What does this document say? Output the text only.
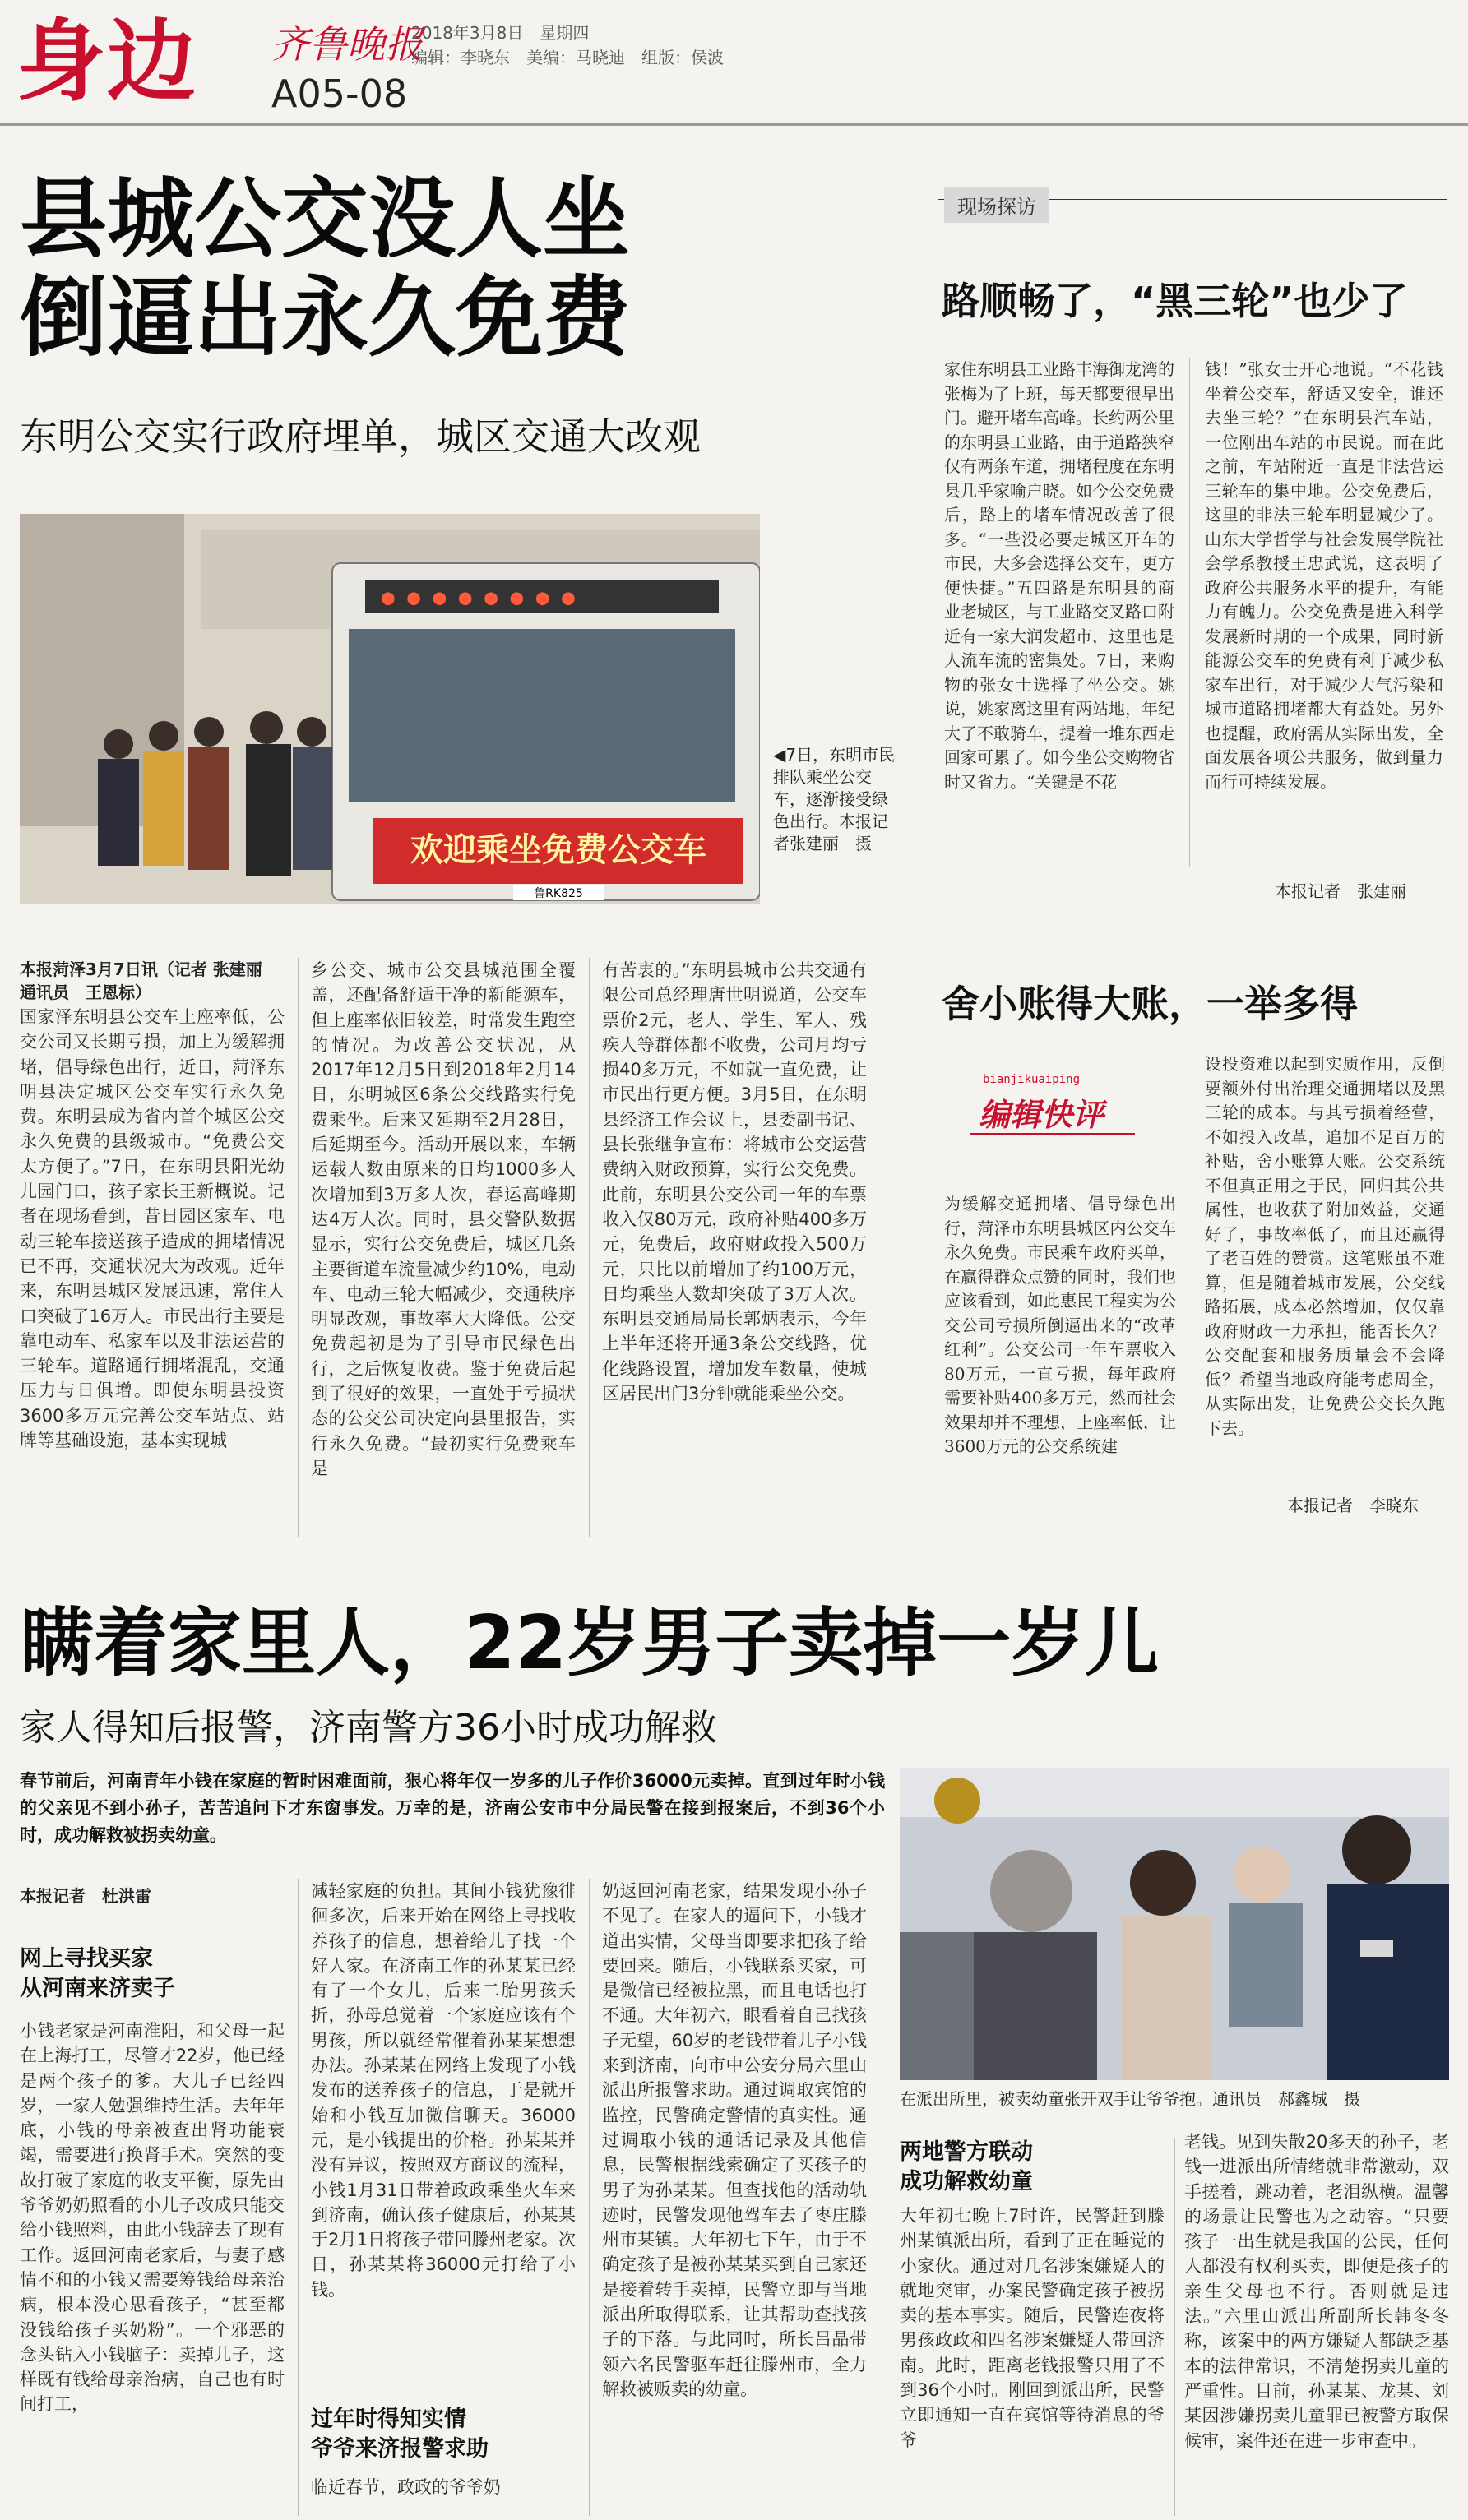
身边 齐鲁晚报
A05-08
2018年3月8日　星期四
编辑：李晓东　美编：马晓迪　组版：侯波
县城公交没人坐
倒逼出永久免费
东明公交实行政府埋单，城区交通大改观
● ● ● ● ● ● ● ●
欢迎乘坐免费公交车
鲁RK825
◀7日，东明市民排队乘坐公交车，逐渐接受绿色出行。本报记者张建丽　摄
本报菏泽3月7日讯（记者 张建丽　通讯员　王恩标）
国家泽东明县公交车上座率低，公交公司又长期亏损，加上为缓解拥堵，倡导绿色出行，近日，菏泽东明县决定城区公交车实行永久免费。东明县成为省内首个城区公交永久免费的县级城市。“免费公交太方便了。”7日，在东明县阳光幼儿园门口，孩子家长王新概说。记者在现场看到，昔日园区家车、电动三轮车接送孩子造成的拥堵情况已不再，交通状况大为改观。近年来，东明县城区发展迅速，常住人口突破了16万人。市民出行主要是靠电动车、私家车以及非法运营的三轮车。道路通行拥堵混乱，交通压力与日俱增。即使东明县投资3600多万元完善公交车站点、站牌等基础设施，基本实现城
乡公交、城市公交县城范围全覆盖，还配备舒适干净的新能源车，但上座率依旧较差，时常发生跑空的情况。为改善公交状况，从2017年12月5日到2018年2月14日，东明城区6条公交线路实行免费乘坐。后来又延期至2月28日，后延期至今。活动开展以来，车辆运载人数由原来的日均1000多人次增加到3万多人次，春运高峰期达4万人次。同时，县交警队数据显示，实行公交免费后，城区几条主要街道车流量减少约10%，电动车、电动三轮大幅减少，交通秩序明显改观，事故率大大降低。公交免费起初是为了引导市民绿色出行，之后恢复收费。鉴于免费后起到了很好的效果，一直处于亏损状态的公交公司决定向县里报告，实行永久免费。“最初实行免费乘车是
有苦衷的。”东明县城市公共交通有限公司总经理唐世明说道，公交车票价2元，老人、学生、军人、残疾人等群体都不收费，公司月均亏损40多万元，不如就一直免费，让市民出行更方便。3月5日，在东明县经济工作会议上，县委副书记、县长张继争宣布：将城市公交运营费纳入财政预算，实行公交免费。此前，东明县公交公司一年的车票收入仅80万元，政府补贴400多万元，免费后，政府财政投入500万元，只比以前增加了约100万元，日均乘坐人数却突破了3万人次。东明县交通局局长郭炳表示，今年上半年还将开通3条公交线路，优化线路设置，增加发车数量，使城区居民出门3分钟就能乘坐公交。
现场探访
路顺畅了，“黑三轮”也少了
家住东明县工业路丰海御龙湾的张梅为了上班，每天都要很早出门。避开堵车高峰。长约两公里的东明县工业路，由于道路狭窄仅有两条车道，拥堵程度在东明县几乎家喻户晓。如今公交免费后，路上的堵车情况改善了很多。“一些没必要走城区开车的市民，大多会选择公交车，更方便快捷。”五四路是东明县的商业老城区，与工业路交叉路口附近有一家大润发超市，这里也是人流车流的密集处。7日，来购物的张女士选择了坐公交。姚说，姚家离这里有两站地，年纪大了不敢骑车，提着一堆东西走回家可累了。如今坐公交购物省时又省力。“关键是不花
钱！”张女士开心地说。“不花钱坐着公交车，舒适又安全，谁还去坐三轮？”在东明县汽车站，一位刚出车站的市民说。而在此之前，车站附近一直是非法营运三轮车的集中地。公交免费后，这里的非法三轮车明显减少了。山东大学哲学与社会发展学院社会学系教授王忠武说，这表明了政府公共服务水平的提升，有能力有魄力。公交免费是进入科学发展新时期的一个成果，同时新能源公交车的免费有利于减少私家车出行，对于减少大气污染和城市道路拥堵都大有益处。另外也提醒，政府需从实际出发，全面发展各项公共服务，做到量力而行可持续发展。
本报记者　张建丽
舍小账得大账，一举多得
bianjikuaiping
编辑快评
为缓解交通拥堵、倡导绿色出行，菏泽市东明县城区内公交车永久免费。市民乘车政府买单，在赢得群众点赞的同时，我们也应该看到，如此惠民工程实为公交公司亏损所倒逼出来的“改革红利”。公交公司一年车票收入80万元，一直亏损，每年政府需要补贴400多万元，然而社会效果却并不理想，上座率低，让3600万元的公交系统建
设投资难以起到实质作用，反倒要额外付出治理交通拥堵以及黑三轮的成本。与其亏损着经营，不如投入改革，追加不足百万的补贴，舍小账算大账。公交系统不但真正用之于民，回归其公共属性，也收获了附加效益，交通好了，事故率低了，而且还赢得了老百姓的赞赏。这笔账虽不难算，但是随着城市发展，公交线路拓展，成本必然增加，仅仅靠政府财政一力承担，能否长久？公交配套和服务质量会不会降低？希望当地政府能考虑周全，从实际出发，让免费公交长久跑下去。
本报记者　李晓东
瞒着家里人，22岁男子卖掉一岁儿
家人得知后报警，济南警方36小时成功解救
春节前后，河南青年小钱在家庭的暂时困难面前，狠心将年仅一岁多的儿子作价36000元卖掉。直到过年时小钱的父亲见不到小孙子，苦苦追问下才东窗事发。万幸的是，济南公安市中分局民警在接到报案后，不到36个小时，成功解救被拐卖幼童。
本报记者　杜洪雷
网上寻找买家
从河南来济卖子
小钱老家是河南淮阳，和父母一起在上海打工，尽管才22岁，他已经是两个孩子的爹。大儿子已经四岁，一家人勉强维持生活。去年年底，小钱的母亲被查出肾功能衰竭，需要进行换肾手术。突然的变故打破了家庭的收支平衡，原先由爷爷奶奶照看的小儿子改成只能交给小钱照料，由此小钱辞去了现有工作。返回河南老家后，与妻子感情不和的小钱又需要筹钱给母亲治病，根本没心思看孩子，“甚至都没钱给孩子买奶粉”。一个邪恶的念头钻入小钱脑子：卖掉儿子，这样既有钱给母亲治病，自己也有时间打工，
减轻家庭的负担。其间小钱犹豫徘徊多次，后来开始在网络上寻找收养孩子的信息，想着给儿子找一个好人家。在济南工作的孙某某已经有了一个女儿，后来二胎男孩夭折，孙母总觉着一个家庭应该有个男孩，所以就经常催着孙某某想想办法。孙某某在网络上发现了小钱发布的送养孩子的信息，于是就开始和小钱互加微信聊天。36000元，是小钱提出的价格。孙某某并没有异议，按照双方商议的流程，小钱1月31日带着政政乘坐火车来到济南，确认孩子健康后，孙某某于2月1日将孩子带回滕州老家。次日，孙某某将36000元打给了小钱。
过年时得知实情
爷爷来济报警求助
临近春节，政政的爷爷奶
奶返回河南老家，结果发现小孙子不见了。在家人的逼问下，小钱才道出实情，父母当即要求把孩子给要回来。随后，小钱联系买家，可是微信已经被拉黑，而且电话也打不通。大年初六，眼看着自己找孩子无望，60岁的老钱带着儿子小钱来到济南，向市中公安分局六里山派出所报警求助。通过调取宾馆的监控，民警确定警情的真实性。通过调取小钱的通话记录及其他信息，民警根据线索确定了买孩子的男子为孙某某。但查找他的活动轨迹时，民警发现他驾车去了枣庄滕州市某镇。大年初七下午，由于不确定孩子是被孙某某买到自己家还是接着转手卖掉，民警立即与当地派出所取得联系，让其帮助查找孩子的下落。与此同时，所长吕晶带领六名民警驱车赶往滕州市，全力解救被贩卖的幼童。
在派出所里，被卖幼童张开双手让爷爷抱。通讯员　郝鑫城　摄
两地警方联动
成功解救幼童
大年初七晚上7时许，民警赶到滕州某镇派出所，看到了正在睡觉的小家伙。通过对几名涉案嫌疑人的就地突审，办案民警确定孩子被拐卖的基本事实。随后，民警连夜将男孩政政和四名涉案嫌疑人带回济南。此时，距离老钱报警只用了不到36个小时。刚回到派出所，民警立即通知一直在宾馆等待消息的爷爷
老钱。见到失散20多天的孙子，老钱一进派出所情绪就非常激动，双手搓着，跳动着，老泪纵横。温馨的场景让民警也为之动容。“只要孩子一出生就是我国的公民，任何人都没有权利买卖，即便是孩子的亲生父母也不行。否则就是违法。”六里山派出所副所长韩冬冬称，该案中的两方嫌疑人都缺乏基本的法律常识，不清楚拐卖儿童的严重性。目前，孙某某、龙某、刘某因涉嫌拐卖儿童罪已被警方取保候审，案件还在进一步审查中。
